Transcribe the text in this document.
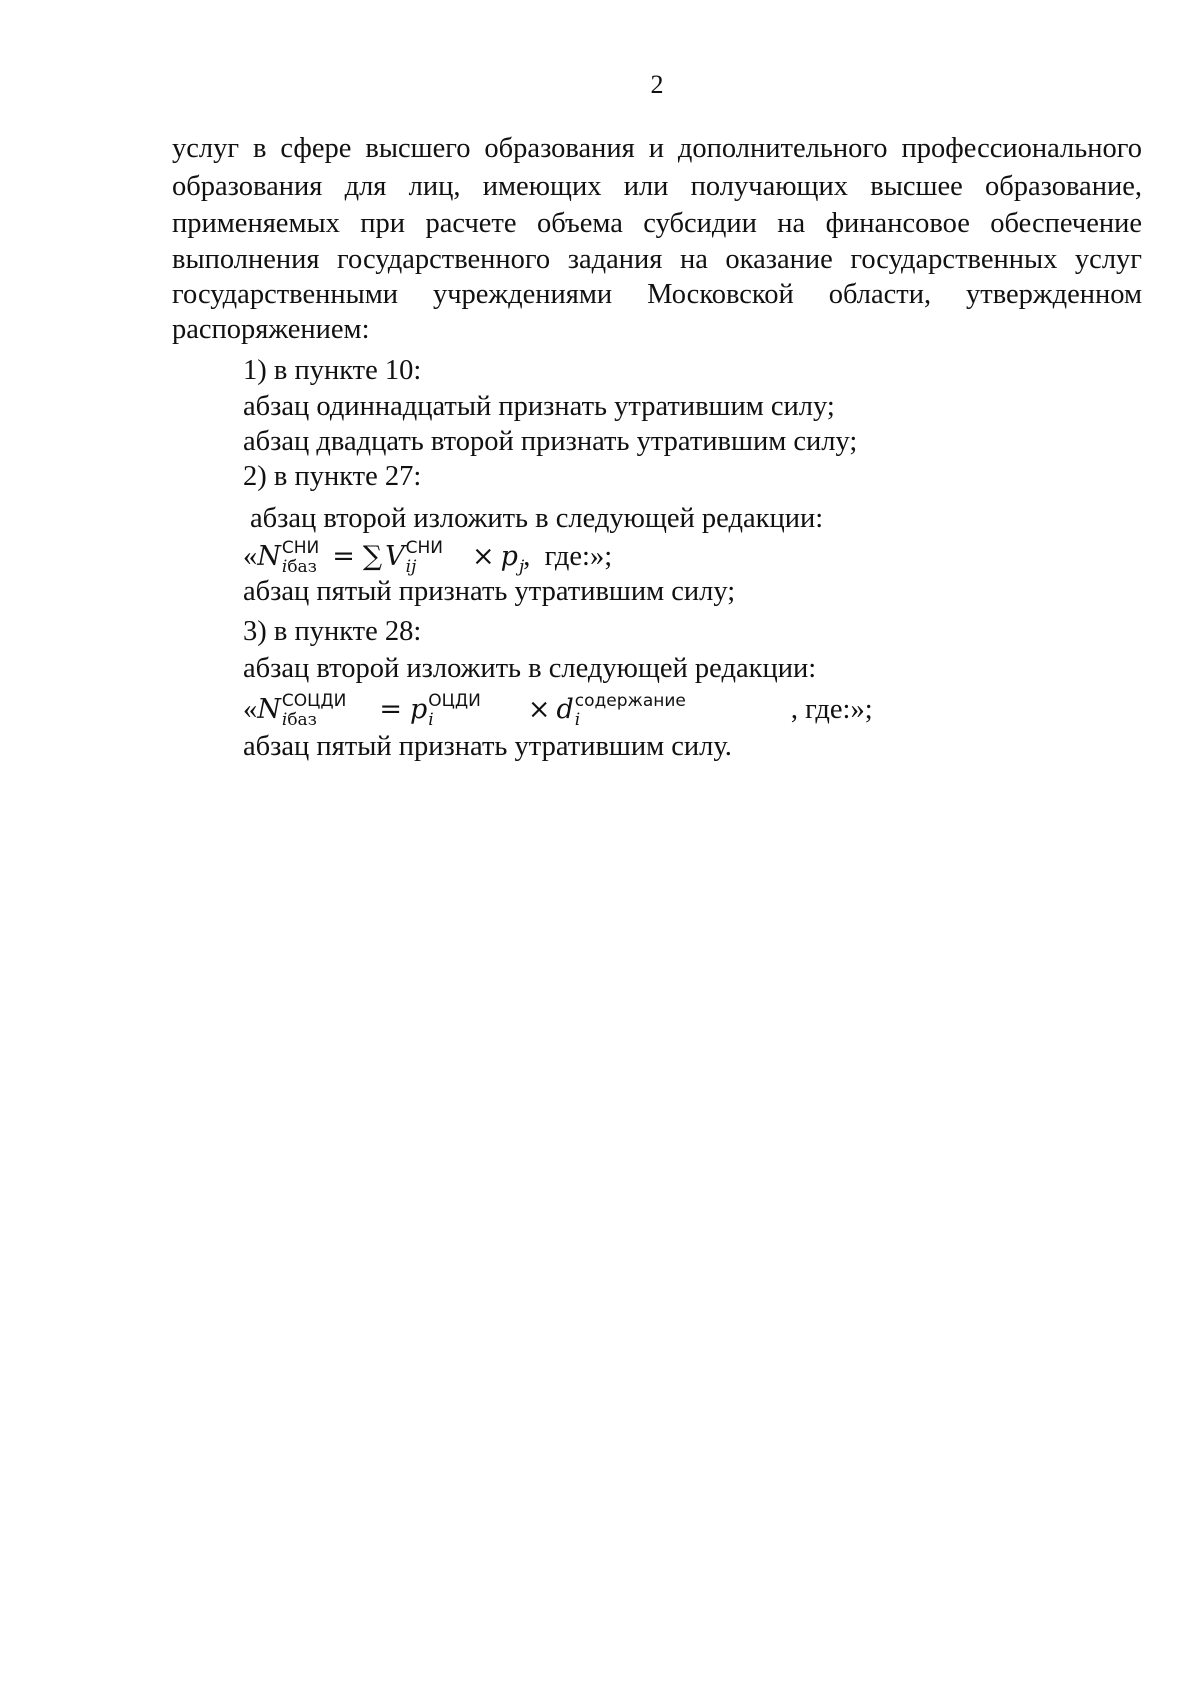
2
услуг в сфере высшего образования и дополнительного профессионального
образования для лиц, имеющих или получающих высшее образование,
применяемых при расчете объема субсидии на финансовое обеспечение
выполнения государственного задания на оказание государственных услуг
государственными учреждениями Московской области, утвержденном
распоряжением:
1) в пункте 10:
абзац одиннадцатый признать утратившим силу;
абзац двадцать второй признать утратившим силу;
2) в пункте 27:
абзац второй изложить в следующей редакции:
«N СНИ
iбаз = ∑ V СНИ
ij	× p j ,  где:»;
абзац пятый признать утратившим силу;
3) в пункте 28:
абзац второй изложить в следующей редакции:
«N СОЦДИ
iбаз	= p ОЦДИ
i	× d содержание
i	, где:»;
абзац пятый признать утратившим силу.
